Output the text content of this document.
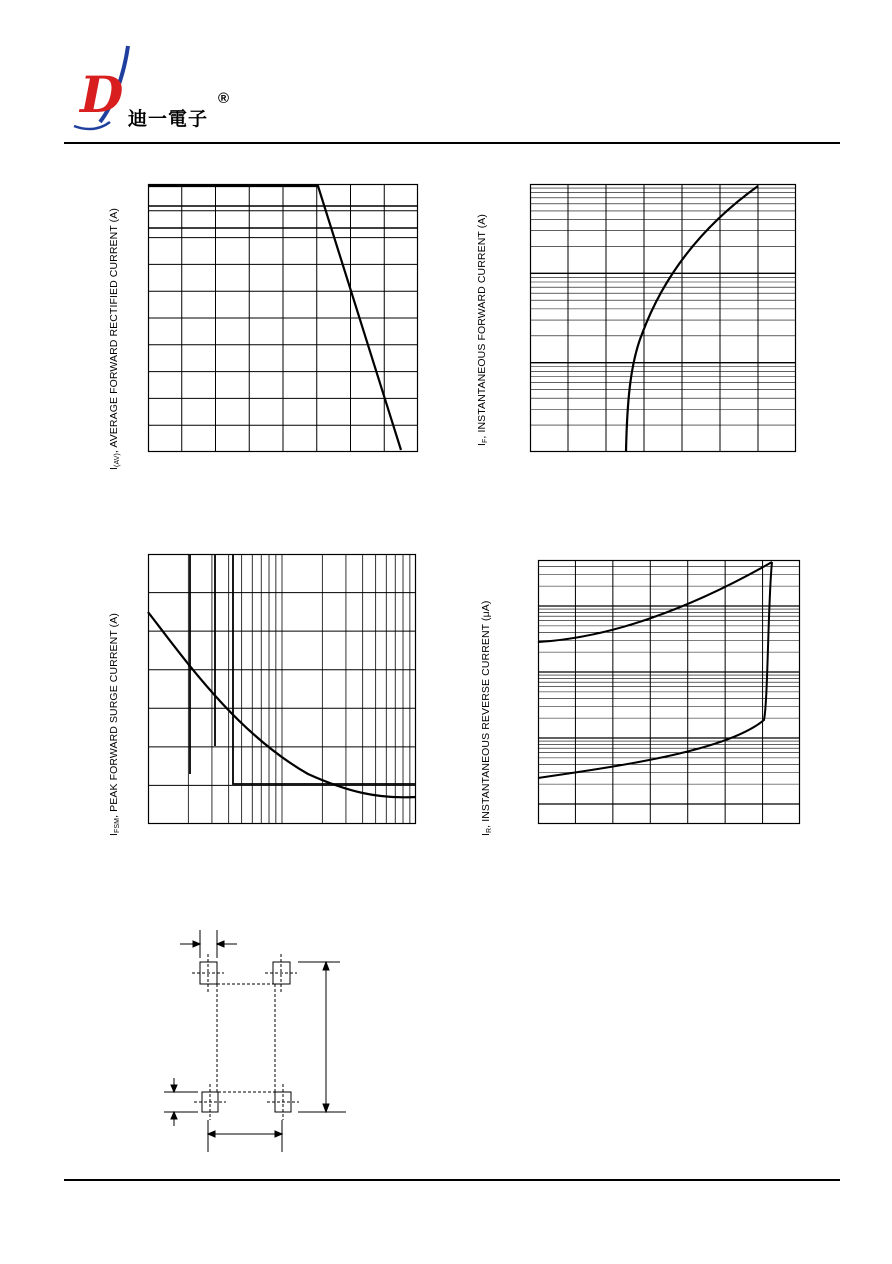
D 迪一電子
®
$I_{(AV)}$, AVERAGE FORWARD RECTIFIED CURRENT (A)	$I_F$, INSTANTANEOUS FORWARD CURRENT (A)
$I_{FSM}$, PEAK FORWARD SURGE CURRENT (A)
$I_R$, INSTANTANEOUS REVERSE CURRENT (μA)
